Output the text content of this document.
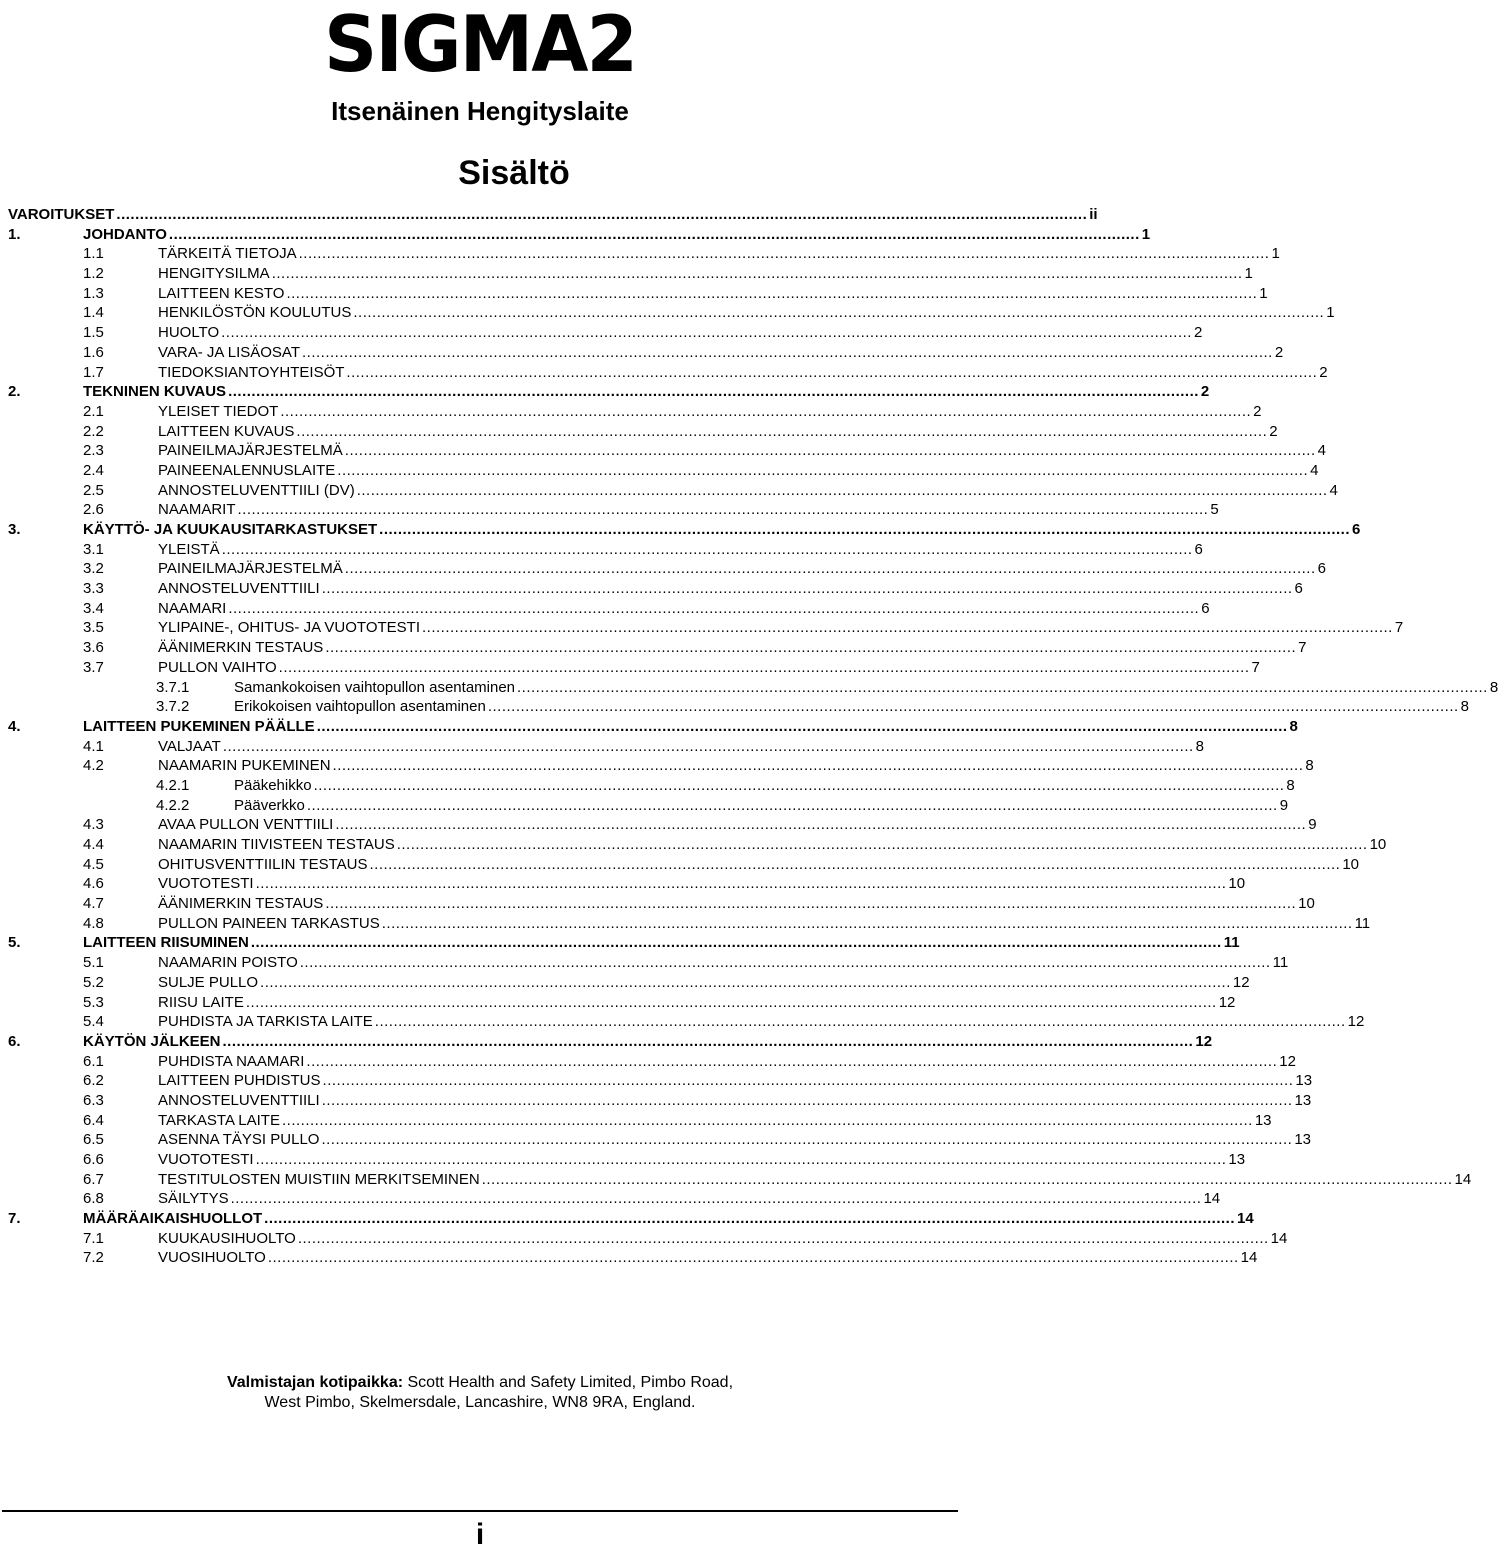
SIGMA2
Itsenäinen Hengityslaite
Sisältö
VAROITUKSET .....	ii
1.	JOHDANTO .....	1
1.1	TÄRKEITÄ TIETOJA .....	1
1.2	HENGITYSILMA .....	1
1.3	LAITTEEN KESTO .....	1
1.4	HENKILÖSTÖN KOULUTUS .....	1
1.5	HUOLTO .....	2
1.6	VARA- JA LISÄOSAT .....	2
1.7	TIEDOKSIANTOYHTEISÖT .....	2
2.	TEKNINEN KUVAUS .....	2
2.1	YLEISET TIEDOT .....	2
2.2	LAITTEEN KUVAUS .....	2
2.3	PAINEILMAJÄRJESTELMÄ .....	4
2.4	PAINEENALENNUSLAITE .....	4
2.5	ANNOSTELUVENTTIILI (DV) .....	4
2.6	NAAMARIT .....	5
3.	KÄYTTÖ- JA KUUKAUSITARKASTUKSET .....	6
3.1	YLEISTÄ .....	6
3.2	PAINEILMAJÄRJESTELMÄ .....	6
3.3	ANNOSTELUVENTTIILI .....	6
3.4	NAAMARI .....	6
3.5	YLIPAINE-, OHITUS- JA VUOTOTESTI .....	7
3.6	ÄÄNIMERKIN TESTAUS .....	7
3.7	PULLON VAIHTO .....	7
3.7.1	Samankokoisen vaihtopullon asentaminen .....	8
3.7.2	Erikokoisen vaihtopullon asentaminen .....	8
4.	LAITTEEN PUKEMINEN PÄÄLLE .....	8
4.1	VALJAAT .....	8
4.2	NAAMARIN PUKEMINEN .....	8
4.2.1	Pääkehikko .....	8
4.2.2	Pääverkko .....	9
4.3	AVAA PULLON VENTTIILI .....	9
4.4	NAAMARIN TIIVISTEEN TESTAUS .....	10
4.5	OHITUSVENTTIILIN TESTAUS .....	10
4.6	VUOTOTESTI .....	10
4.7	ÄÄNIMERKIN TESTAUS .....	10
4.8	PULLON PAINEEN TARKASTUS .....	11
5.	LAITTEEN RIISUMINEN .....	11
5.1	NAAMARIN POISTO .....	11
5.2	SULJE PULLO .....	12
5.3	RIISU LAITE .....	12
5.4	PUHDISTA JA TARKISTA LAITE .....	12
6.	KÄYTÖN JÄLKEEN .....	12
6.1	PUHDISTA NAAMARI .....	12
6.2	LAITTEEN PUHDISTUS .....	13
6.3	ANNOSTELUVENTTIILI .....	13
6.4	TARKASTA LAITE .....	13
6.5	ASENNA TÄYSI PULLO .....	13
6.6	VUOTOTESTI .....	13
6.7	TESTITULOSTEN MUISTIIN MERKITSEMINEN .....	14
6.8	SÄILYTYS .....	14
7.	MÄÄRÄAIKAISHUOLLOT .....	14
7.1	KUUKAUSIHUOLTO .....	14
7.2	VUOSIHUOLTO .....	14
Valmistajan kotipaikka: Scott Health and Safety Limited, Pimbo Road,
West Pimbo, Skelmersdale, Lancashire, WN8 9RA, England.
i
